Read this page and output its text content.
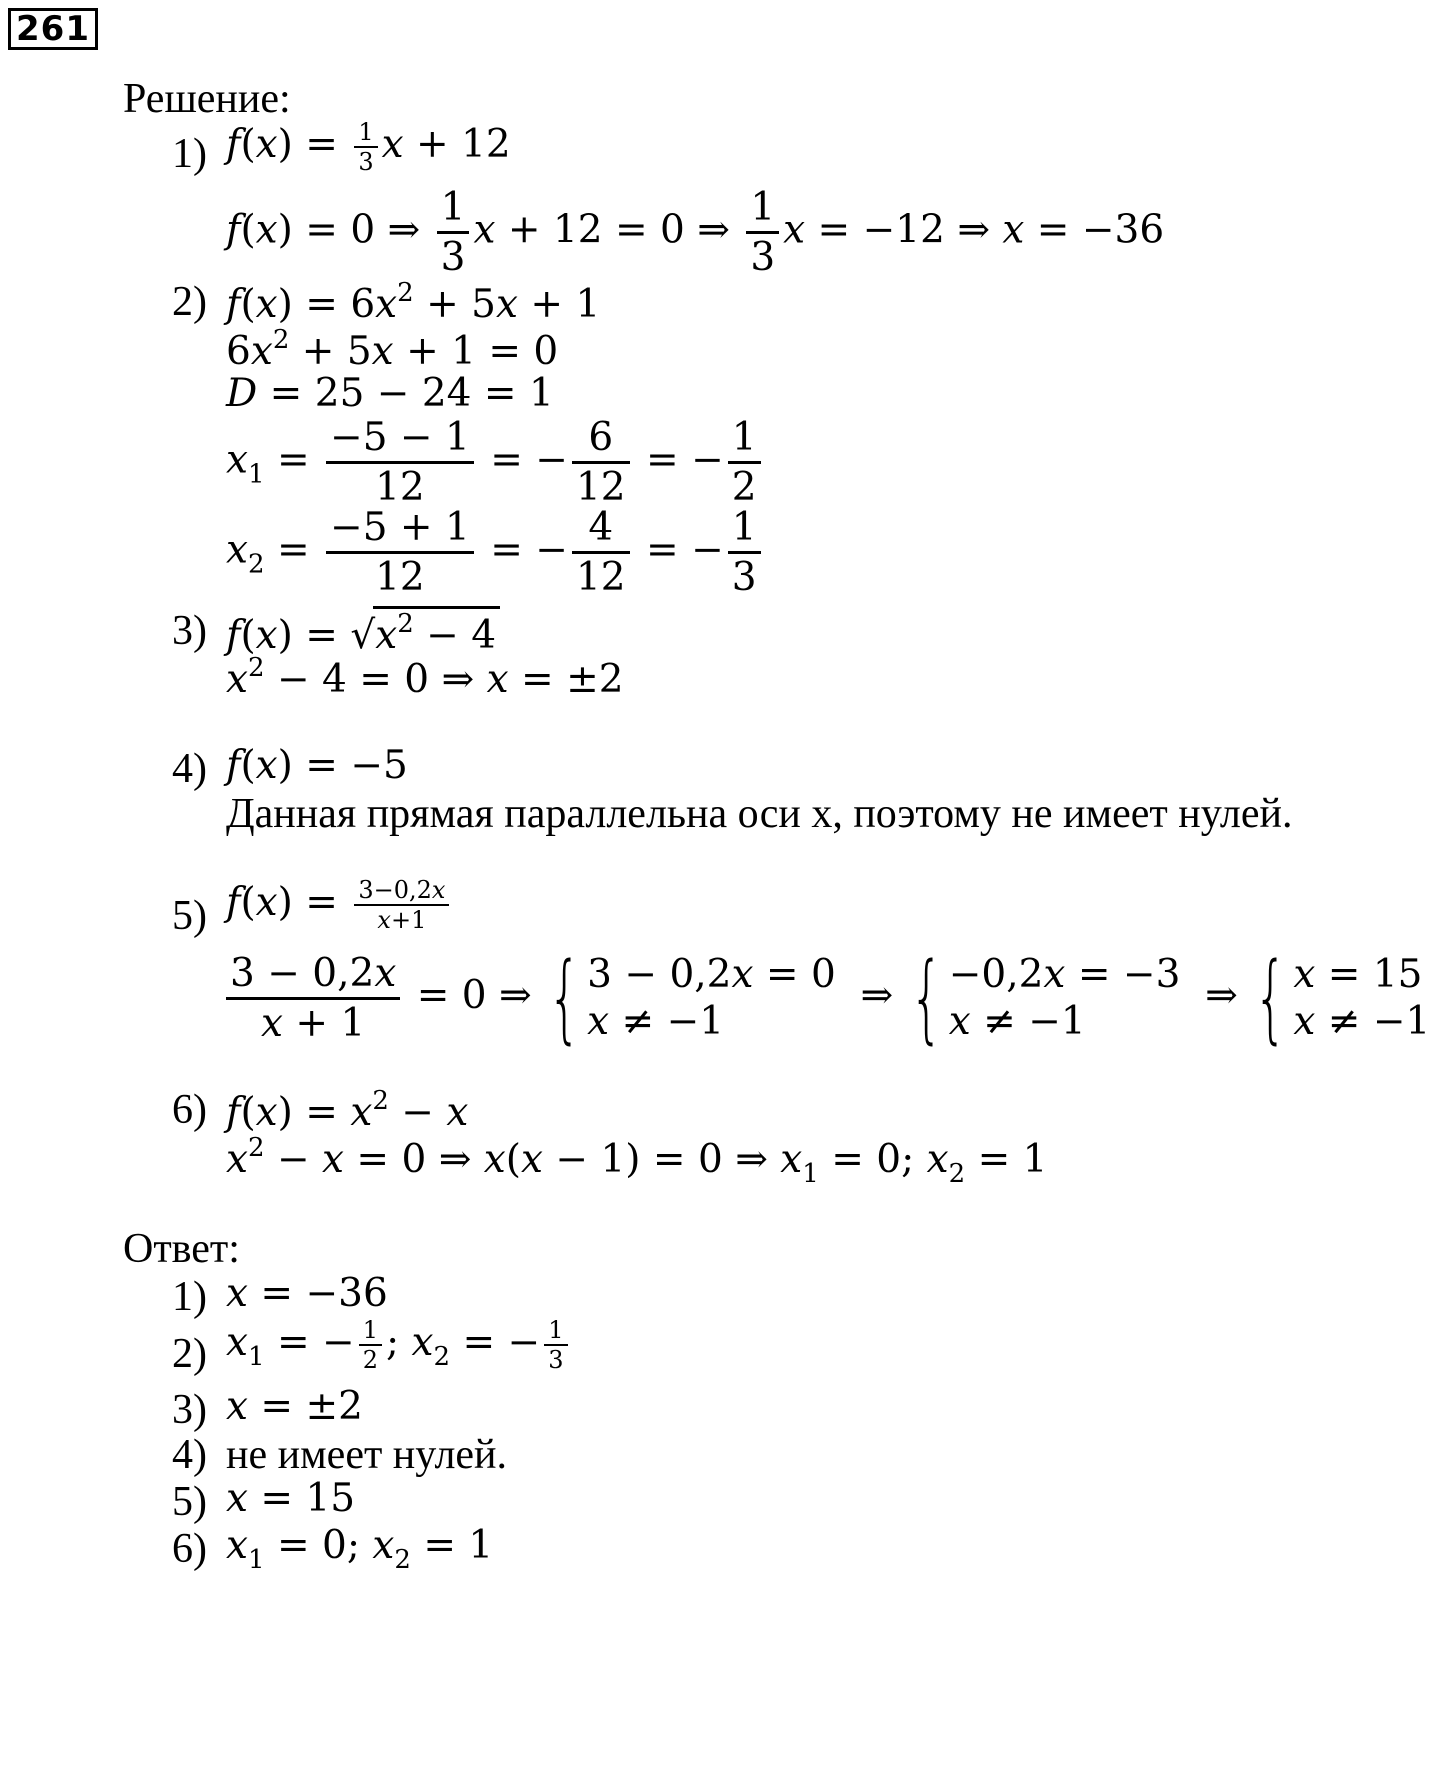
261
Решение:
1) $f(x) = \frac{1}{3}$ x + 12
f(x) = 0 ⇒ $\frac{1}{3}$ x + 12 = 0 ⇒ $\frac{1}{3}$ x = −12 ⇒ x = −36
2) $f(x) = 6x^2 + 5x + 1$
$6x^2 + 5x + 1 = 0$
D = 25 − 24 = 1
$x_1 = \frac{-5 - 1}{12}$ = − $\frac{6}{12}$ = − $\frac{1}{2}$
$x_2 = \frac{-5 + 1}{12}$ = − $\frac{4}{12}$ = − $\frac{1}{3}$
3) $f(x) = √x^2 - 4$
$x^2 - 4 = 0$ ⇒ x = ±2
4) f(x) = −5
Данная прямая параллельна оси x, поэтому не имеет нулей.
5) $f(x) = \frac{3-0,2x}{x+1}$
$\frac{3 - 0,2x}{x + 1} = 0$ ⇒ { 3 − 0,2x = 0
x ≠ −1
⇒ { −0,2x = −3
x ≠ −1
⇒ { x = 15
x ≠ −1
6) $f(x) = x^2 - x$
$x^2 - x = 0$ ⇒ x(x − 1) = 0 ⇒ $x_1 = 0$; $x_2 = 1$
Ответ:
1) x = −36
2) $x_1$ = − $\frac{1}{2}$ ; $x_2$ = − $\frac{1}{3}$
3) x = ±2
4) не имеет нулей.
5) x = 15
6) $x_1 = 0$; $x_2 = 1$
